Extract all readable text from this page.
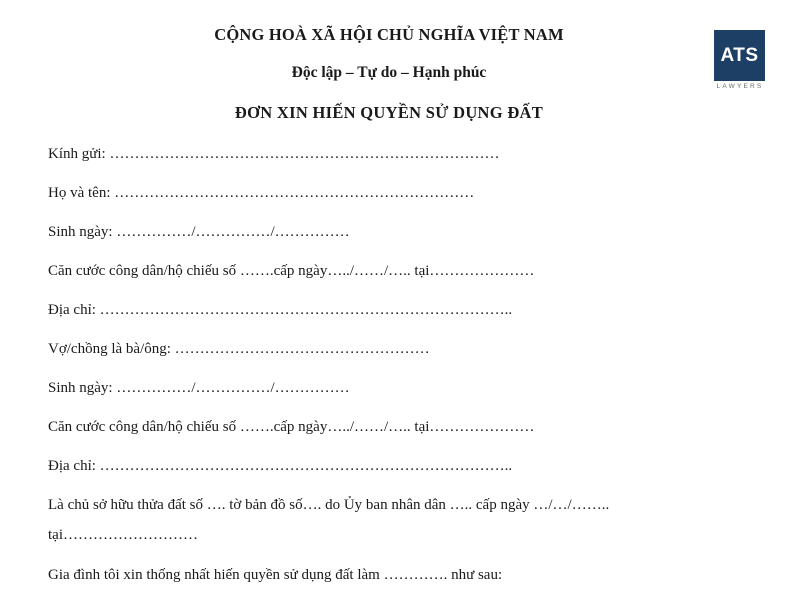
CỘNG HOÀ XÃ HỘI CHỦ NGHĨA VIỆT NAM
Độc lập – Tự do – Hạnh phúc
ĐƠN XIN HIẾN QUYỀN SỬ DỤNG ĐẤT
ATS
LAWYERS
Kính gửi: ……………………………………………………………………
Họ và tên: ………………………………………………………………
Sinh ngày: ……………/……………/……………
Căn cước công dân/hộ chiếu số …….cấp ngày…../……/….. tại…………………
Địa chỉ: ………………………………………………………………………..
Vợ/chồng là bà/ông: ……………………………………………
Sinh ngày: ……………/……………/……………
Căn cước công dân/hộ chiếu số …….cấp ngày…../……/….. tại…………………
Địa chỉ: ………………………………………………………………………..
Là chủ sở hữu thửa đất số …. tờ bản đồ số…. do Ủy ban nhân dân ….. cấp ngày …/…/……..
tại………………………
Gia đình tôi xin thống nhất hiến quyền sử dụng đất làm …………. như sau:
